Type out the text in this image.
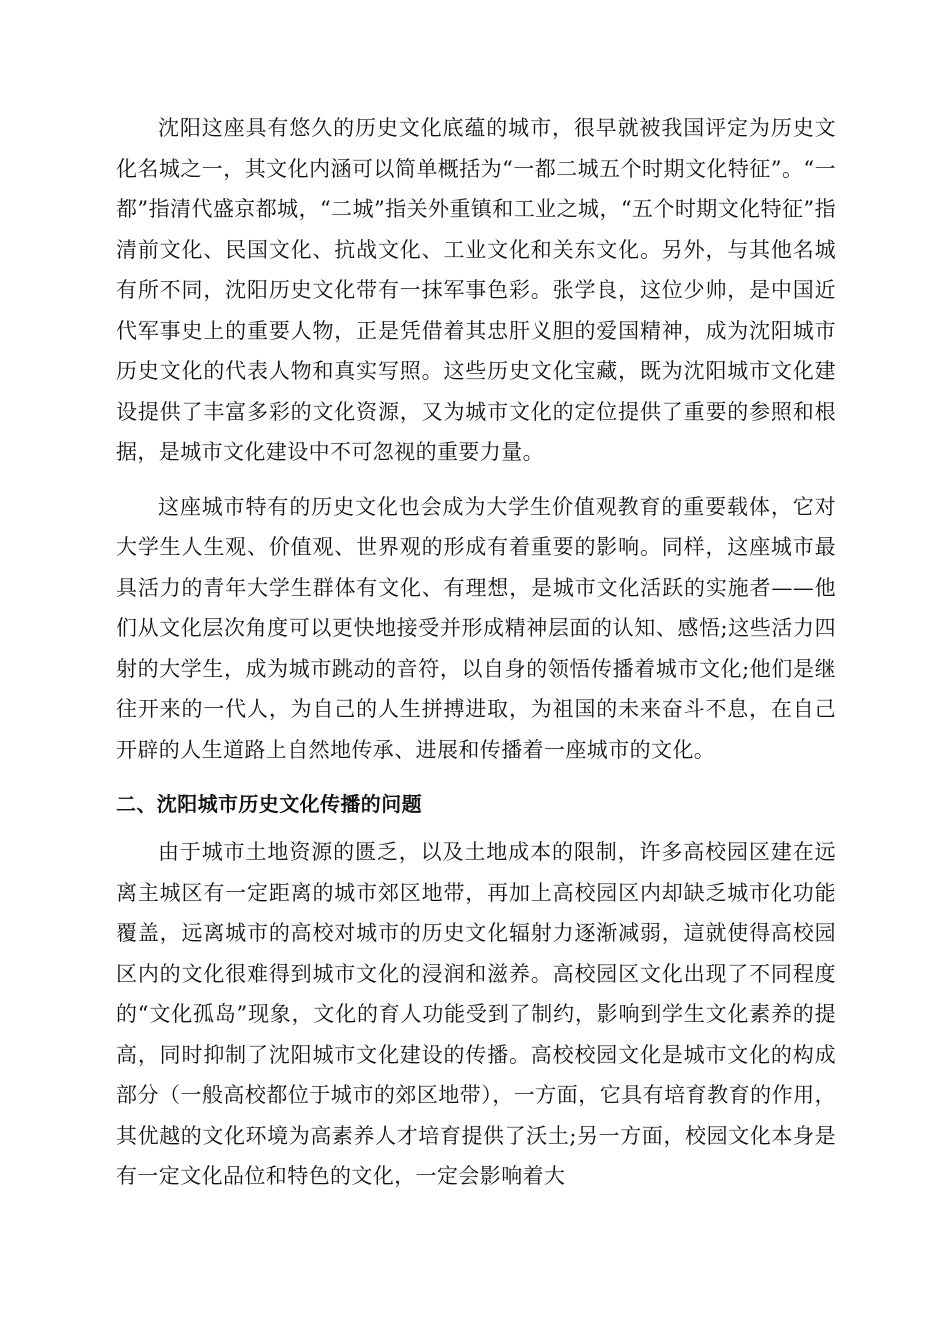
沈阳这座具有悠久的历史文化底蕴的城市，很早就被我国评定为历史文化名城之一，其文化内涵可以简单概括为“一都二城五个时期文化特征”。“一都”指清代盛京都城，“二城”指关外重镇和工业之城，“五个时期文化特征”指清前文化、民国文化、抗战文化、工业文化和关东文化。另外，与其他名城有所不同，沈阳历史文化带有一抹军事色彩。张学良，这位少帅，是中国近代军事史上的重要人物，正是凭借着其忠肝义胆的爱国精神，成为沈阳城市历史文化的代表人物和真实写照。这些历史文化宝藏，既为沈阳城市文化建设提供了丰富多彩的文化资源，又为城市文化的定位提供了重要的参照和根据，是城市文化建设中不可忽视的重要力量。

这座城市特有的历史文化也会成为大学生价值观教育的重要载体，它对大学生人生观、价值观、世界观的形成有着重要的影响。同样，这座城市最具活力的青年大学生群体有文化、有理想，是城市文化活跃的实施者——他们从文化层次角度可以更快地接受并形成精神层面的认知、感悟;这些活力四射的大学生，成为城市跳动的音符，以自身的领悟传播着城市文化;他们是继往开来的一代人，为自己的人生拼搏进取，为祖国的未来奋斗不息，在自己开辟的人生道路上自然地传承、进展和传播着一座城市的文化。

二、沈阳城市历史文化传播的问题

由于城市土地资源的匮乏，以及土地成本的限制，许多高校园区建在远离主城区有一定距离的城市郊区地带，再加上高校园区内却缺乏城市化功能覆盖，远离城市的高校对城市的历史文化辐射力逐渐减弱，這就使得高校园区内的文化很难得到城市文化的浸润和滋养。高校园区文化出现了不同程度的“文化孤岛”现象，文化的育人功能受到了制约，影响到学生文化素养的提高，同时抑制了沈阳城市文化建设的传播。高校校园文化是城市文化的构成部分（一般高校都位于城市的郊区地带），一方面，它具有培育教育的作用，其优越的文化环境为高素养人才培育提供了沃土;另一方面，校园文化本身是有一定文化品位和特色的文化，一定会影响着大
